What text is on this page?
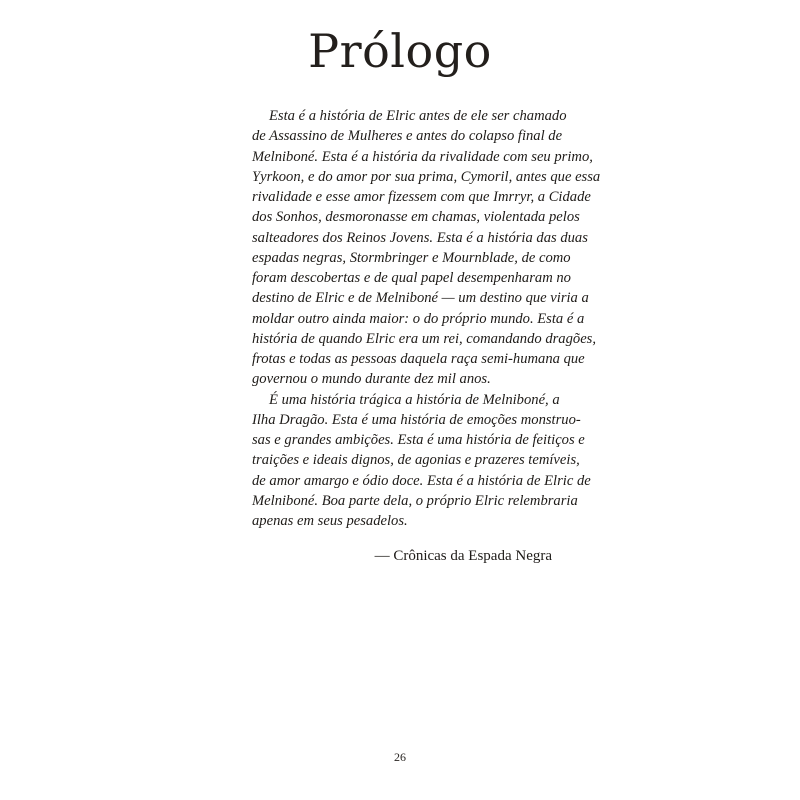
Prólogo
Esta é a história de Elric antes de ele ser chamado
de Assassino de Mulheres e antes do colapso final de
Melniboné. Esta é a história da rivalidade com seu primo,
Yyrkoon, e do amor por sua prima, Cymoril, antes que essa
rivalidade e esse amor fizessem com que Imrryr, a Cidade
dos Sonhos, desmoronasse em chamas, violentada pelos
salteadores dos Reinos Jovens. Esta é a história das duas
espadas negras, Stormbringer e Mournblade, de como
foram descobertas e de qual papel desempenharam no
destino de Elric e de Melniboné — um destino que viria a
moldar outro ainda maior: o do próprio mundo. Esta é a
história de quando Elric era um rei, comandando dragões,
frotas e todas as pessoas daquela raça semi-humana que
governou o mundo durante dez mil anos.
É uma história trágica a história de Melniboné, a
Ilha Dragão. Esta é uma história de emoções monstruo-
sas e grandes ambições. Esta é uma história de feitiços e
traições e ideais dignos, de agonias e prazeres temíveis,
de amor amargo e ódio doce. Esta é a história de Elric de
Melniboné. Boa parte dela, o próprio Elric relembraria
apenas em seus pesadelos.
— Crônicas da Espada Negra
26
